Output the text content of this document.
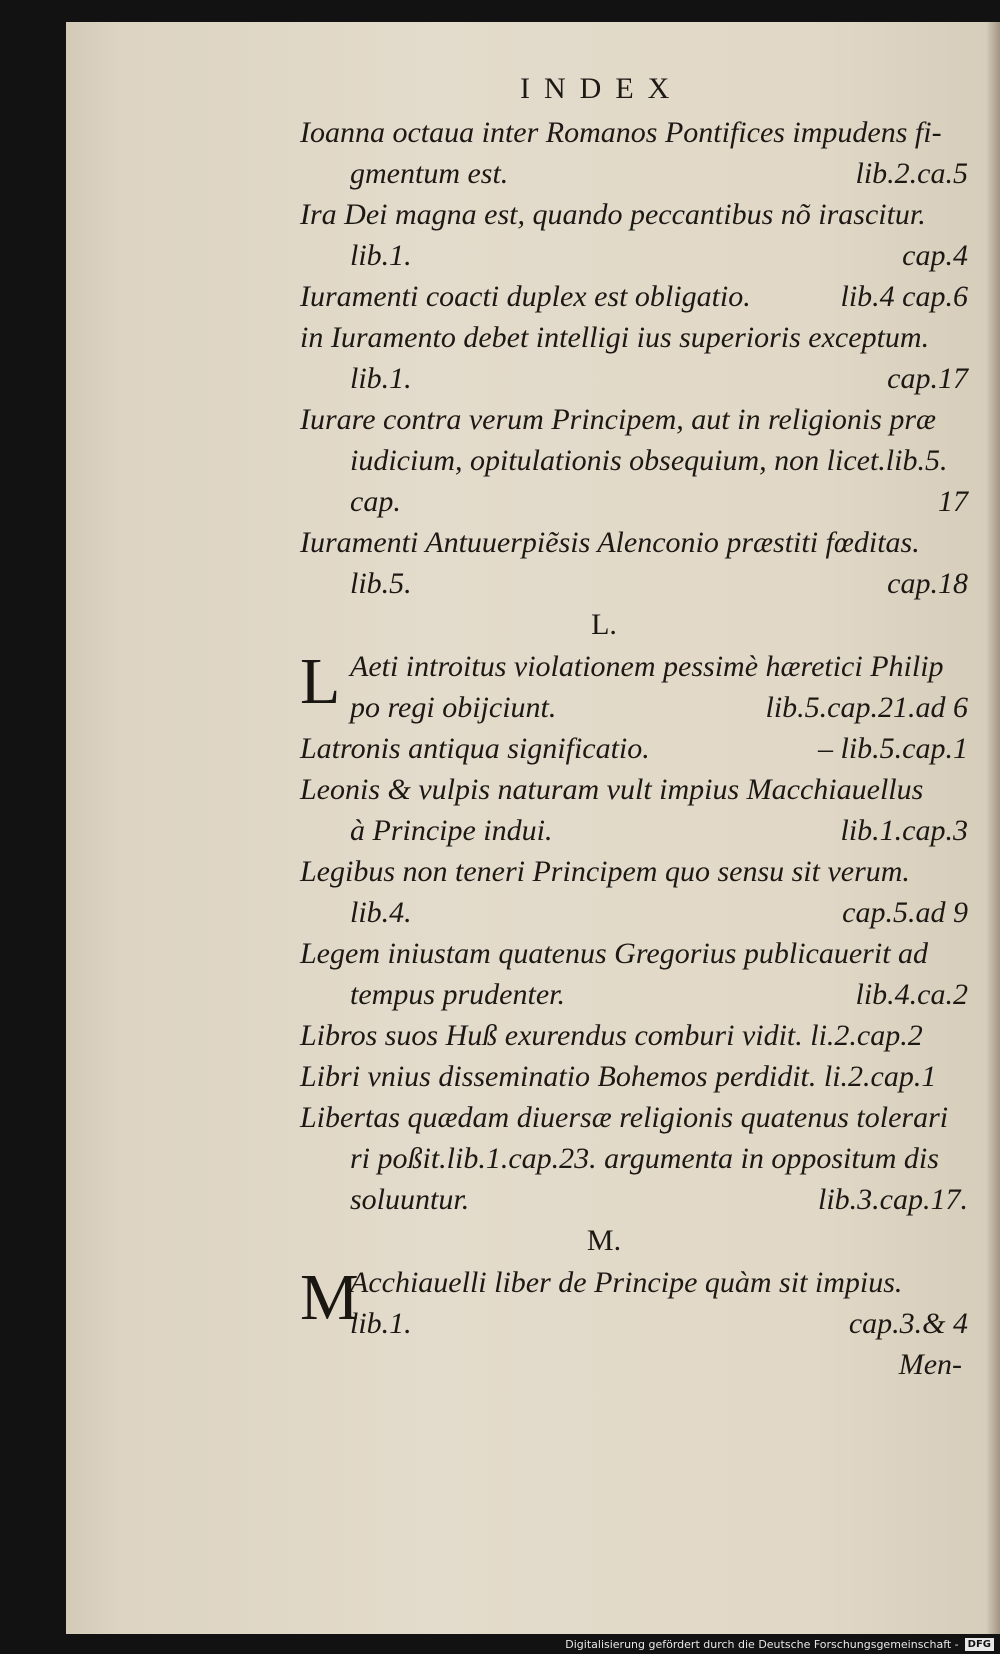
INDEX
Ioanna octaua inter Romanos Pontifices impudens fi-
gmentum est.	lib.2.ca.5
Ira Dei magna est, quando peccantibus nõ irascitur.
lib.1.	cap.4
Iuramenti coacti duplex est obligatio.	lib.4 cap.6
in Iuramento debet intelligi ius superioris exceptum.
lib.1.	cap.17
Iurare contra verum Principem, aut in religionis præ
iudicium, opitulationis obsequium, non licet.lib.5.
cap.	17
Iuramenti Antuuerpiẽsis Alenconio præstiti fœditas.
lib.5.	cap.18
L.
L Aeti introitus violationem pessimè hæretici Philip
po regi obijciunt.	lib.5.cap.21.ad 6
Latronis antiqua significatio.	– lib.5.cap.1
Leonis & vulpis naturam vult impius Macchiauellus
à Principe indui.	lib.1.cap.3
Legibus non teneri Principem quo sensu sit verum.
lib.4.	cap.5.ad 9
Legem iniustam quatenus Gregorius publicauerit ad
tempus prudenter.	lib.4.ca.2
Libros suos Huß exurendus comburi vidit. li.2.cap.2
Libri vnius disseminatio Bohemos perdidit. li.2.cap.1
Libertas quædam diuersæ religionis quatenus tolerari
ri poßit.lib.1.cap.23. argumenta in oppositum dis
soluuntur.	lib.3.cap.17.
M.
M
Acchiauelli liber de Principe quàm sit impius.
lib.1.	cap.3.& 4
Men-
Digitalisierung gefördert durch die Deutsche Forschungsgemeinschaft - DFG
